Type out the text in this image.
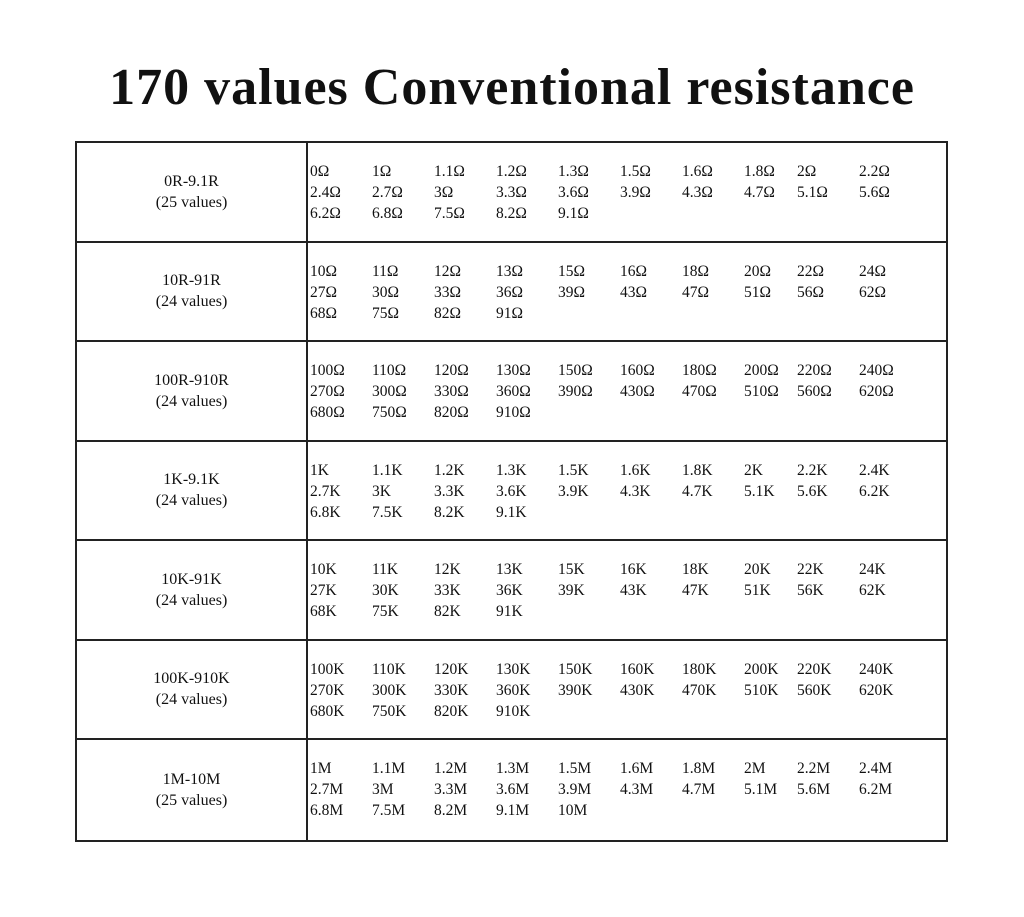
170 values Conventional resistance
0R-9.1R
(25 values)
0Ω	1Ω	1.1Ω	1.2Ω	1.3Ω	1.5Ω	1.6Ω	1.8Ω	2Ω	2.2Ω
2.4Ω	2.7Ω	3Ω	3.3Ω	3.6Ω	3.9Ω	4.3Ω	4.7Ω	5.1Ω	5.6Ω
6.2Ω	6.8Ω	7.5Ω	8.2Ω	9.1Ω
10R-91R
(24 values)
10Ω	11Ω	12Ω	13Ω	15Ω	16Ω	18Ω	20Ω	22Ω	24Ω
27Ω	30Ω	33Ω	36Ω	39Ω	43Ω	47Ω	51Ω	56Ω	62Ω
68Ω	75Ω	82Ω	91Ω
100R-910R
(24 values)
100Ω	110Ω	120Ω	130Ω	150Ω	160Ω	180Ω	200Ω	220Ω	240Ω
270Ω	300Ω	330Ω	360Ω	390Ω	430Ω	470Ω	510Ω	560Ω	620Ω
680Ω	750Ω	820Ω	910Ω
1K-9.1K
(24 values)
1K	1.1K	1.2K	1.3K	1.5K	1.6K	1.8K	2K	2.2K	2.4K
2.7K	3K	3.3K	3.6K	3.9K	4.3K	4.7K	5.1K	5.6K	6.2K
6.8K	7.5K	8.2K	9.1K
10K-91K
(24 values)
10K	11K	12K	13K	15K	16K	18K	20K	22K	24K
27K	30K	33K	36K	39K	43K	47K	51K	56K	62K
68K	75K	82K	91K
100K-910K
(24 values)
100K	110K	120K	130K	150K	160K	180K	200K	220K	240K
270K	300K	330K	360K	390K	430K	470K	510K	560K	620K
680K	750K	820K	910K
1M-10M
(25 values)
1M	1.1M	1.2M	1.3M	1.5M	1.6M	1.8M	2M	2.2M	2.4M
2.7M	3M	3.3M	3.6M	3.9M	4.3M	4.7M	5.1M	5.6M	6.2M
6.8M	7.5M	8.2M	9.1M	10M
